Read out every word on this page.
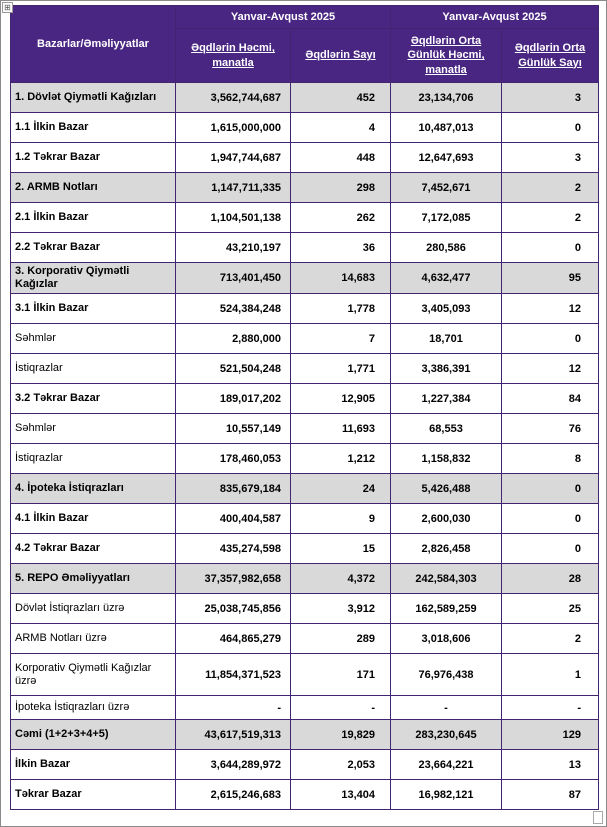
⊞
Bazarlar/Əməliyyatlar	Yanvar-Avqust 2025		Yanvar-Avqust 2025	
	Əqdlərin Həcmi, manatla	Əqdlərin Sayı	Əqdlərin Orta Günlük Həcmi, manatla	Əqdlərin Orta Günlük Sayı
1. Dövlət Qiymətli Kağızları	3,562,744,687	452	23,134,706	3
1.1 İlkin Bazar	1,615,000,000	4	10,487,013	0
1.2 Təkrar Bazar	1,947,744,687	448	12,647,693	3
2. ARMB Notları	1,147,711,335	298	7,452,671	2
2.1 İlkin Bazar	1,104,501,138	262	7,172,085	2
2.2 Təkrar Bazar	43,210,197	36	280,586	0
3. Korporativ Qiymətli Kağızlar	713,401,450	14,683	4,632,477	95
3.1 İlkin Bazar	524,384,248	1,778	3,405,093	12
Səhmlər	2,880,000	7	18,701	0
İstiqrazlar	521,504,248	1,771	3,386,391	12
3.2 Təkrar Bazar	189,017,202	12,905	1,227,384	84
Səhmlər	10,557,149	11,693	68,553	76
İstiqrazlar	178,460,053	1,212	1,158,832	8
4. İpoteka İstiqrazları	835,679,184	24	5,426,488	0
4.1 İlkin Bazar	400,404,587	9	2,600,030	0
4.2 Təkrar Bazar	435,274,598	15	2,826,458	0
5. REPO Əməliyyatları	37,357,982,658	4,372	242,584,303	28
Dövlət İstiqrazları üzrə	25,038,745,856	3,912	162,589,259	25
ARMB Notları üzrə	464,865,279	289	3,018,606	2
Korporativ Qiymətli Kağızlar üzrə	11,854,371,523	171	76,976,438	1
İpoteka İstiqrazları üzrə	-	-	-	-
Cəmi (1+2+3+4+5)	43,617,519,313	19,829	283,230,645	129
İlkin Bazar	3,644,289,972	2,053	23,664,221	13
Təkrar Bazar	2,615,246,683	13,404	16,982,121	87
